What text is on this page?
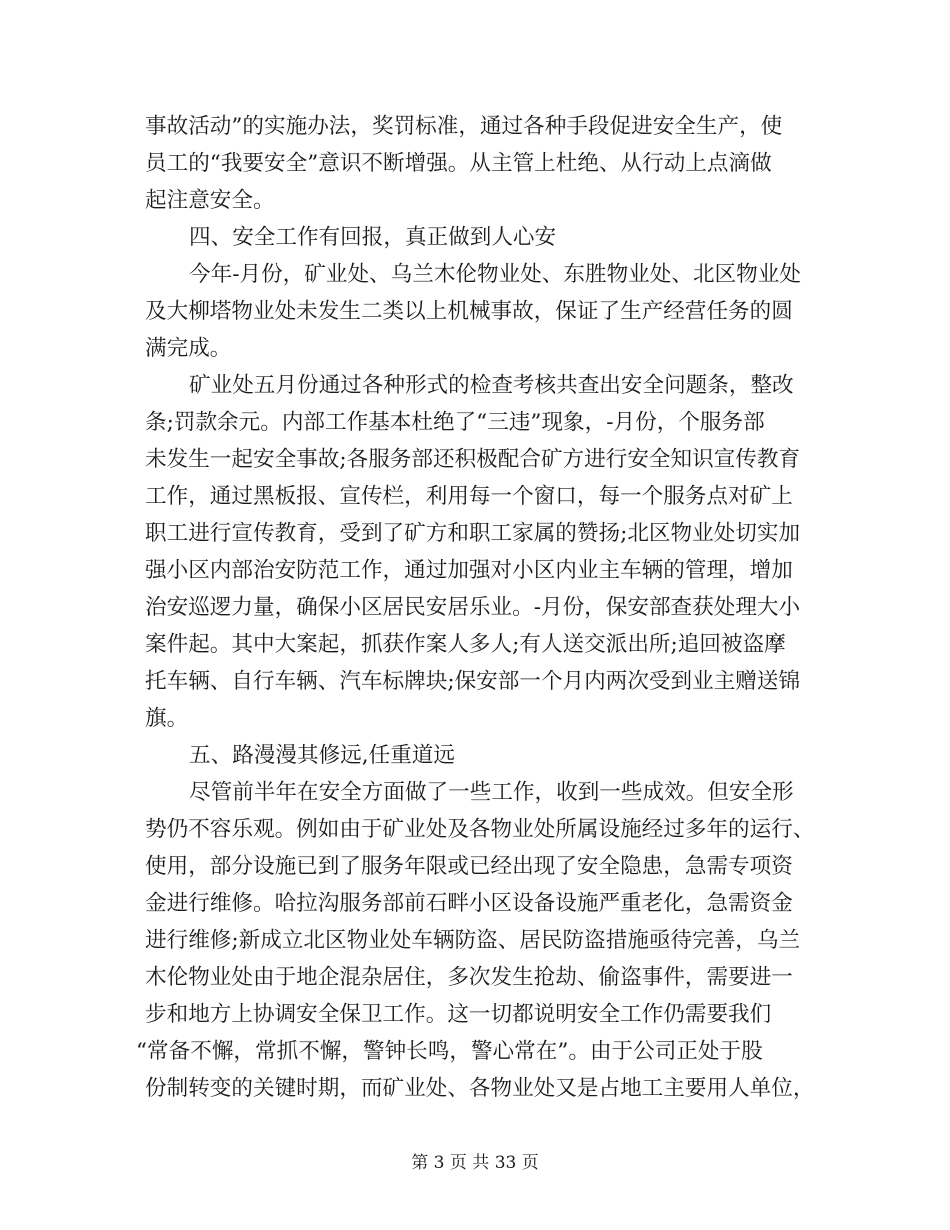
事故活动”的实施办法，奖罚标准，通过各种手段促进安全生产，使
员工的“我要安全”意识不断增强。从主管上杜绝、从行动上点滴做
起注意安全。
四、安全工作有回报，真正做到人心安
今年-月份，矿业处、乌兰木伦物业处、东胜物业处、北区物业处
及大柳塔物业处未发生二类以上机械事故，保证了生产经营任务的圆
满完成。
矿业处五月份通过各种形式的检查考核共查出安全问题条，整改
条;罚款余元。内部工作基本杜绝了“三违”现象，-月份，个服务部
未发生一起安全事故;各服务部还积极配合矿方进行安全知识宣传教育
工作，通过黑板报、宣传栏，利用每一个窗口，每一个服务点对矿上
职工进行宣传教育，受到了矿方和职工家属的赞扬;北区物业处切实加
强小区内部治安防范工作，通过加强对小区内业主车辆的管理，增加
治安巡逻力量，确保小区居民安居乐业。-月份，保安部查获处理大小
案件起。其中大案起，抓获作案人多人;有人送交派出所;追回被盗摩
托车辆、自行车辆、汽车标牌块;保安部一个月内两次受到业主赠送锦
旗。
五、路漫漫其修远,任重道远
尽管前半年在安全方面做了一些工作，收到一些成效。但安全形
势仍不容乐观。例如由于矿业处及各物业处所属设施经过多年的运行、
使用，部分设施已到了服务年限或已经出现了安全隐患，急需专项资
金进行维修。哈拉沟服务部前石畔小区设备设施严重老化，急需资金
进行维修;新成立北区物业处车辆防盗、居民防盗措施亟待完善，乌兰
木伦物业处由于地企混杂居住，多次发生抢劫、偷盗事件，需要进一
步和地方上协调安全保卫工作。这一切都说明安全工作仍需要我们
“常备不懈，常抓不懈，警钟长鸣，警心常在”。由于公司正处于股
份制转变的关键时期，而矿业处、各物业处又是占地工主要用人单位，
第 3 页 共 33 页
